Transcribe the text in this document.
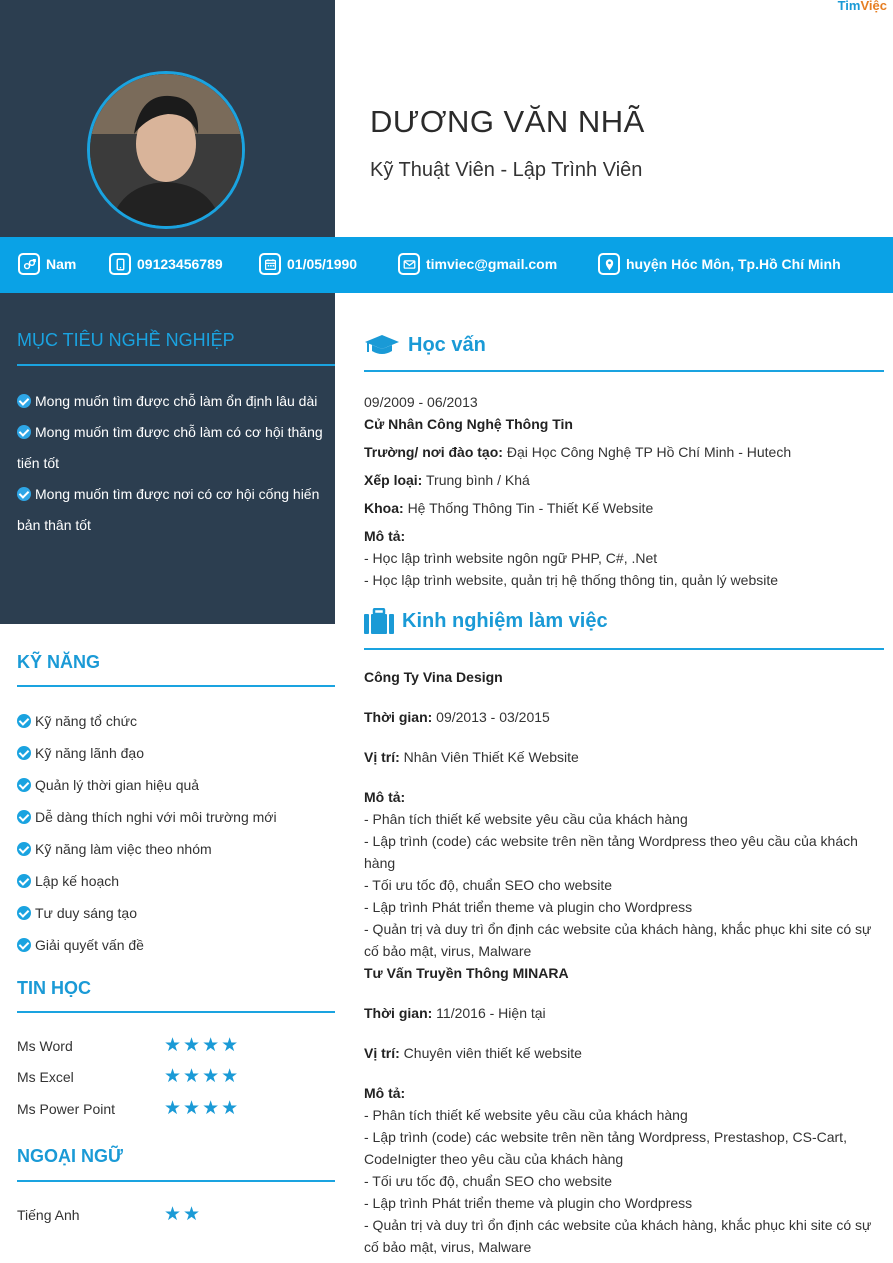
TimViệc
DƯƠNG VĂN NHÃ
Kỹ Thuật Viên - Lập Trình Viên
Nam	09123456789	01/05/1990	timviec@gmail.com	huyện Hóc Môn, Tp.Hồ Chí Minh
MỤC TIÊU NGHỀ NGHIỆP
Mong muốn tìm được chỗ làm ổn định lâu dài
Mong muốn tìm được chỗ làm có cơ hội thăng tiến tốt
Mong muốn tìm được nơi có cơ hội cống hiến bản thân tốt
KỸ NĂNG
Kỹ năng tổ chức
Kỹ năng lãnh đạo
Quản lý thời gian hiệu quả
Dễ dàng thích nghi với môi trường mới
Kỹ năng làm việc theo nhóm
Lập kế hoạch
Tư duy sáng tạo
Giải quyết vấn đề
TIN HỌC
Ms Word	★★★★
Ms Excel	★★★★
Ms Power Point	★★★★
NGOẠI NGỮ
Tiếng Anh	★★
Học vấn
09/2009 - 06/2013
Cử Nhân Công Nghệ Thông Tin
Trường/ nơi đào tạo: Đại Học Công Nghệ TP Hồ Chí Minh - Hutech
Xếp loại: Trung bình / Khá
Khoa: Hệ Thống Thông Tin - Thiết Kế Website
Mô tả:
- Học lập trình website ngôn ngữ PHP, C#, .Net
- Học lập trình website, quản trị hệ thống thông tin, quản lý website
Kinh nghiệm làm việc
Công Ty Vina Design
Thời gian: 09/2013 - 03/2015
Vị trí: Nhân Viên Thiết Kế Website
Mô tả:
- Phân tích thiết kế website yêu cầu của khách hàng
- Lập trình (code) các website trên nền tảng Wordpress theo yêu cầu của khách hàng
- Tối ưu tốc độ, chuẩn SEO cho website
- Lập trình Phát triển theme và plugin cho Wordpress
- Quản trị và duy trì ổn định các website của khách hàng, khắc phục khi site có sự cố bảo mật, virus, Malware
Tư Vấn Truyền Thông MINARA
Thời gian: 11/2016 - Hiện tại
Vị trí: Chuyên viên thiết kế website
Mô tả:
- Phân tích thiết kế website yêu cầu của khách hàng
- Lập trình (code) các website trên nền tảng Wordpress, Prestashop, CS-Cart, CodeInigter theo yêu cầu của khách hàng
- Tối ưu tốc độ, chuẩn SEO cho website
- Lập trình Phát triển theme và plugin cho Wordpress
- Quản trị và duy trì ổn định các website của khách hàng, khắc phục khi site có sự cố bảo mật, virus, Malware
